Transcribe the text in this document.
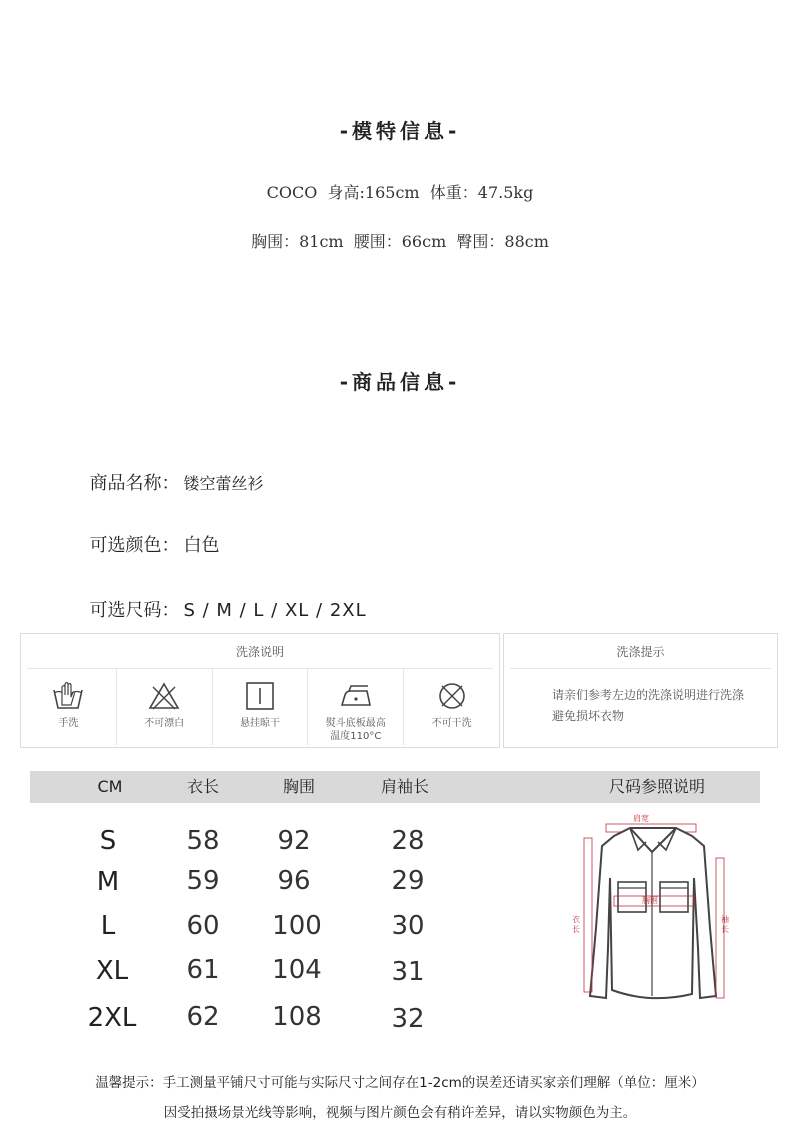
-模特信息-
COCO  身高:165cm  体重：47.5kg
胸围：81cm  腰围：66cm  臀围：88cm
-商品信息-

商品名称： 镂空蕾丝衫

可选颜色： 白色

可选尺码： S / M / L / XL / 2XL

洗涤说明
手洗	不可漂白	悬挂晾干	熨斗底板最高
温度110°C
不可干洗
洗涤提示
请亲们参考左边的洗涤说明进行洗涤
避免损坏衣物
CM	衣长	胸围	肩袖长	尺码参照说明
S	58	92	28
M	59	96	29
L	60	100	30
XL	61	104	31
2XL	62	108	32
肩宽
胸围
衣长
袖长
温馨提示：手工测量平铺尺寸可能与实际尺寸之间存在1-2cm的误差还请买家亲们理解（单位：厘米）
因受拍摄场景光线等影响，视频与图片颜色会有稍许差异，请以实物颜色为主。
